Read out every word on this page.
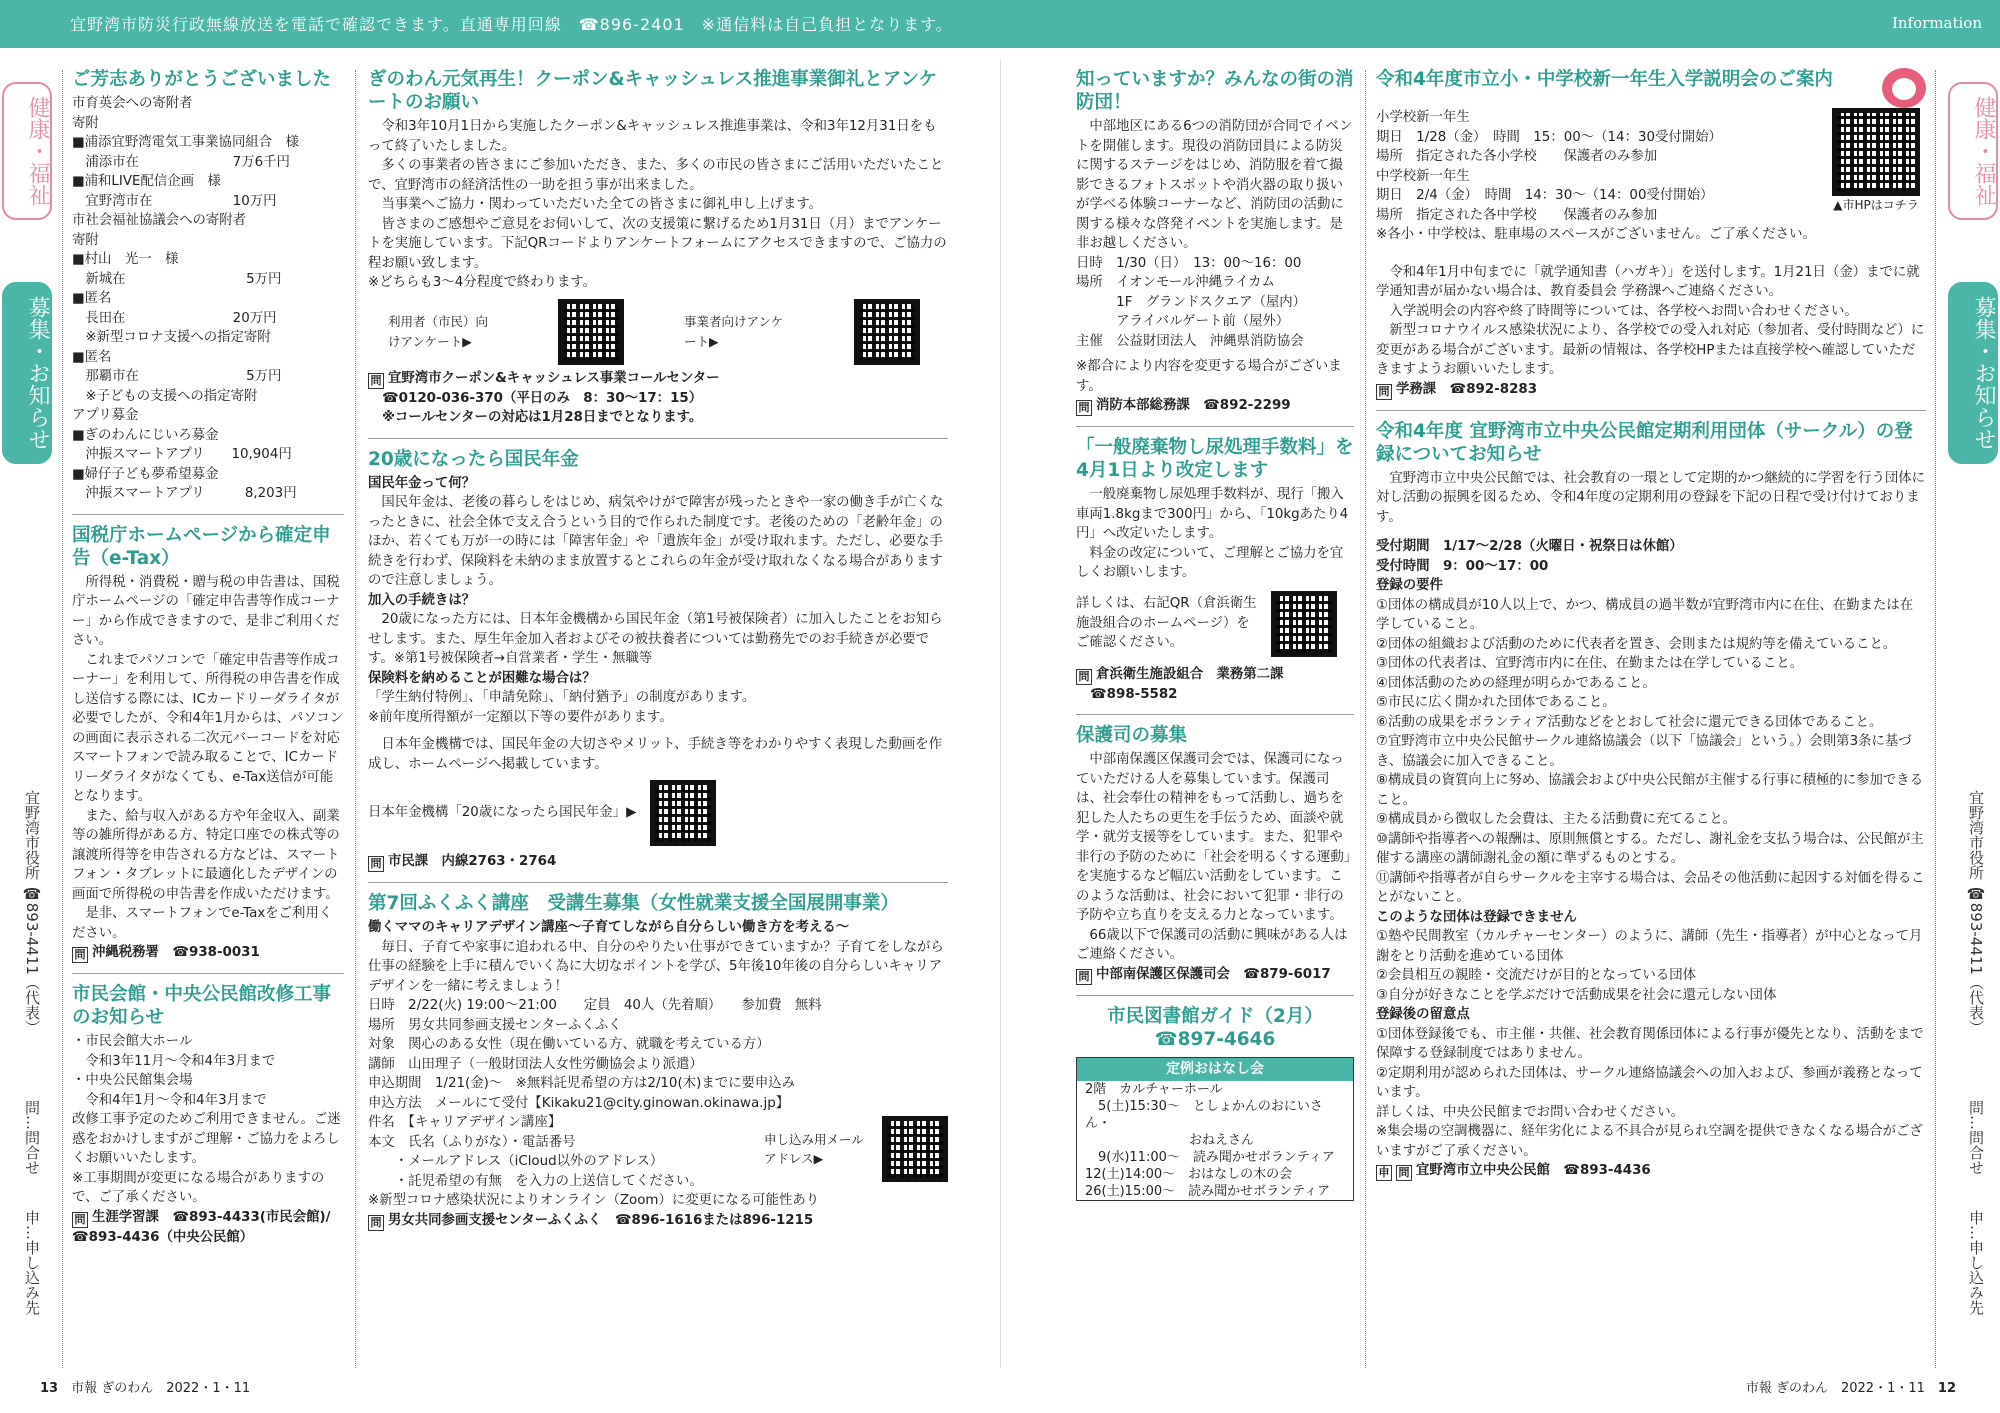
宜野湾市防災行政無線放送を電話で確認できます。直通専用回線　☎896-2401　※通信料は自己負担となります。	Information
健康・福祉
募集・お知らせ
宜野湾市役所 ☎893-4411（代表）
問…問合せ
申…申し込み先
健康・福祉
募集・お知らせ
宜野湾市役所 ☎893-4411（代表）
問…問合せ
申…申し込み先
ご芳志ありがとうございました

市育英会への寄附者

寄附

■浦添宜野湾電気工事業協同組合　様

　浦添市在　　　　　　　7万6千円

■浦和LIVE配信企画　様

　宜野湾市在　　　　　　10万円

市社会福祉協議会への寄附者

寄附

■村山　光一　様

　新城在　　　　　　　　　5万円

■匿名

　長田在　　　　　　　　20万円

　※新型コロナ支援への指定寄附

■匿名

　那覇市在　　　　　　　　5万円

　※子どもの支援への指定寄附

アプリ募金

■ぎのわんにじいろ募金

　沖振スマートアプリ　　10,904円

■婦仔子ども夢希望募金

　沖振スマートアプリ　　　8,203円

国税庁ホームページから確定申告（e-Tax）

所得税・消費税・贈与税の申告書は、国税庁ホームページの「確定申告書等作成コーナー」から作成できますので、是非ご利用ください。

これまでパソコンで「確定申告書等作成コーナー」を利用して、所得税の申告書を作成し送信する際には、ICカードリーダライタが必要でしたが、令和4年1月からは、パソコンの画面に表示される二次元バーコードを対応スマートフォンで読み取ることで、ICカードリーダライタがなくても、e-Tax送信が可能となります。

また、給与収入がある方や年金収入、副業等の雑所得がある方、特定口座での株式等の譲渡所得等を申告される方などは、スマートフォン・タブレットに最適化したデザインの画面で所得税の申告書を作成いただけます。

是非、スマートフォンでe-Taxをご利用ください。

問 沖縄税務署　☎938-0031

市民会館・中央公民館改修工事のお知らせ

・市民会館大ホール

　令和3年11月～令和4年3月まで

・中央公民館集会場

　令和4年1月～令和4年3月まで

改修工事予定のためご利用できません。ご迷惑をおかけしますがご理解・ご協力をよろしくお願いいたします。

※工事期間が変更になる場合がありますので、ご了承ください。

問 生涯学習課　☎893-4433(市民会館)/☎893-4436（中央公民館）

ぎのわん元気再生！クーポン&キャッシュレス推進事業御礼とアンケートのお願い

令和3年10月1日から実施したクーポン&キャッシュレス推進事業は、令和3年12月31日をもって終了いたしました。

多くの事業者の皆さまにご参加いただき、また、多くの市民の皆さまにご活用いただいたことで、宜野湾市の経済活性の一助を担う事が出来ました。

当事業へご協力・関わっていただいた全ての皆さまに御礼申し上げます。

皆さまのご感想やご意見をお伺いして、次の支援策に繋げるため1月31日（月）までアンケートを実施しています。下記QRコードよりアンケートフォームにアクセスできますので、ご協力の程お願い致します。

※どちらも3～4分程度で終わります。

利用者（市民）向けアンケート▶
事業者向けアンケート▶

問 宜野湾市クーポン&キャッシュレス事業コールセンター

☎0120-036-370（平日のみ　8：30～17：15）

※コールセンターの対応は1月28日までとなります。

20歳になったら国民年金

国民年金って何？

国民年金は、老後の暮らしをはじめ、病気やけがで障害が残ったときや一家の働き手が亡くなったときに、社会全体で支え合うという目的で作られた制度です。老後のための「老齢年金」のほか、若くても万が一の時には「障害年金」や「遺族年金」が受け取れます。ただし、必要な手続きを行わず、保険料を未納のまま放置するとこれらの年金が受け取れなくなる場合がありますので注意しましょう。

加入の手続きは？

20歳になった方には、日本年金機構から国民年金（第1号被保険者）に加入したことをお知らせします。また、厚生年金加入者およびその被扶養者については勤務先でのお手続きが必要です。※第1号被保険者→自営業者・学生・無職等

保険料を納めることが困難な場合は？

「学生納付特例」、「申請免除」、「納付猶予」の制度があります。

※前年度所得額が一定額以下等の要件があります。

日本年金機構では、国民年金の大切さやメリット、手続き等をわかりやすく表現した動画を作成し、ホームページへ掲載しています。

日本年金機構「20歳になったら国民年金」▶

問 市民課　内線2763・2764

第7回ふくふく講座　受講生募集（女性就業支援全国展開事業）

働くママのキャリアデザイン講座～子育てしながら自分らしい働き方を考える～

毎日、子育てや家事に追われる中、自分のやりたい仕事ができていますか？子育てをしながら仕事の経験を上手に積んでいく為に大切なポイントを学び、5年後10年後の自分らしいキャリアデザインを一緒に考えましょう！

日時　2/22(火) 19:00～21:00　　定員　40人（先着順）　　参加費　無料

場所　男女共同参画支援センターふくふく

対象　関心のある女性（現在働いている方、就職を考えている方）

講師　山田理子（一般財団法人女性労働協会より派遣）

申込期間　1/21(金)～　※無料託児希望の方は2/10(木)までに要申込み

申込方法　メールにて受付【Kikaku21@city.ginowan.okinawa.jp】

件名　【キャリアデザイン講座】

本文　氏名（ふりがな）・電話番号

　　・メールアドレス（iCloud以外のアドレス）

　　・託児希望の有無　を入力の上送信してください。

※新型コロナ感染状況によりオンライン（Zoom）に変更になる可能性あり

申し込み用メールアドレス▶

問 男女共同参画支援センターふくふく　☎896-1616または896-1215

知っていますか？みんなの街の消防団！

中部地区にある6つの消防団が合同でイベントを開催します。現役の消防団員による防災に関するステージをはじめ、消防服を着て撮影できるフォトスポットや消火器の取り扱いが学べる体験コーナーなど、消防団の活動に関する様々な啓発イベントを実施します。是非お越しください。

日時　1/30（日）　13：00～16：00

場所　イオンモール沖縄ライカム

　　　1F　グランドスクエア（屋内）

　　　アライバルゲート前（屋外）

主催　公益財団法人　沖縄県消防協会

※都合により内容を変更する場合がございます。

問 消防本部総務課　☎892-2299

「一般廃棄物し尿処理手数料」を4月1日より改定します

一般廃棄物し尿処理手数料が、現行「搬入車両1.8kgまで300円」から、「10kgあたり4円」へ改定いたします。

料金の改定について、ご理解とご協力を宜しくお願いします。

詳しくは、右記QR（倉浜衛生施設組合のホームページ）をご確認ください。

問 倉浜衛生施設組合　業務第二課

☎898-5582

保護司の募集

中部南保護区保護司会では、保護司になっていただける人を募集しています。保護司は、社会奉仕の精神をもって活動し、過ちを犯した人たちの更生を手伝うため、面談や就学・就労支援等をしています。また、犯罪や非行の予防のために「社会を明るくする運動」を実施するなど幅広い活動をしています。このような活動は、社会において犯罪・非行の予防や立ち直りを支える力となっています。

66歳以下で保護司の活動に興味がある人はご連絡ください。

問 中部南保護区保護司会　☎879-6017

市民図書館ガイド（2月）
☎897-4646
定例おはなし会

2階　カルチャーホール

　5(土)15:30～　としょかんのおにいさん・

　　　　　　　　おねえさん

　9(水)11:00～　読み聞かせボランティア

12(土)14:00～　おはなしの木の会

26(土)15:00～　読み聞かせボランティア

令和4年度市立小・中学校新一年生入学説明会のご案内

小学校新一年生

期日　1/28（金）　時間　15：00～（14：30受付開始）

場所　指定された各小学校　　保護者のみ参加

中学校新一年生

期日　2/4（金）　時間　14：30～（14：00受付開始）

場所　指定された各中学校　　保護者のみ参加

※各小・中学校は、駐車場のスペースがございません。ご了承ください。

▲市HPはコチラ

令和4年1月中旬までに「就学通知書（ハガキ）」を送付します。1月21日（金）までに就学通知書が届かない場合は、教育委員会 学務課へご連絡ください。

入学説明会の内容や終了時間等については、各学校へお問い合わせください。

新型コロナウイルス感染状況により、各学校での受入れ対応（参加者、受付時間など）に変更がある場合がございます。最新の情報は、各学校HPまたは直接学校へ確認していただきますようお願いいたします。

問 学務課　☎892-8283

令和4年度 宜野湾市立中央公民館定期利用団体（サークル）の登録についてお知らせ

宜野湾市立中央公民館では、社会教育の一環として定期的かつ継続的に学習を行う団体に対し活動の振興を図るため、令和4年度の定期利用の登録を下記の日程で受け付けております。

受付期間　1/17～2/28（火曜日・祝祭日は休館）

受付時間　9：00～17：00

登録の要件

①団体の構成員が10人以上で、かつ、構成員の過半数が宜野湾市内に在住、在勤または在学していること。

②団体の組織および活動のために代表者を置き、会則または規約等を備えていること。

③団体の代表者は、宜野湾市内に在住、在勤または在学していること。

④団体活動のための経理が明らかであること。

⑤市民に広く開かれた団体であること。

⑥活動の成果をボランティア活動などをとおして社会に還元できる団体であること。

⑦宜野湾市立中央公民館サークル連絡協議会（以下「協議会」という。）会則第3条に基づき、協議会に加入できること。

⑧構成員の資質向上に努め、協議会および中央公民館が主催する行事に積極的に参加できること。

⑨構成員から徴収した会費は、主たる活動費に充てること。

⑩講師や指導者への報酬は、原則無償とする。ただし、謝礼金を支払う場合は、公民館が主催する講座の講師謝礼金の額に準ずるものとする。

⑪講師や指導者が自らサークルを主宰する場合は、会品その他活動に起因する対価を得ることがないこと。

このような団体は登録できません

①塾や民間教室（カルチャーセンター）のように、講師（先生・指導者）が中心となって月謝をとり活動を進めている団体

②会員相互の親睦・交流だけが目的となっている団体

③自分が好きなことを学ぶだけで活動成果を社会に還元しない団体

登録後の留意点

①団体登録後でも、市主催・共催、社会教育関係団体による行事が優先となり、活動をまで保障する登録制度ではありません。

②定期利用が認められた団体は、サークル連絡協議会への加入および、参画が義務となっています。

詳しくは、中央公民館までお問い合わせください。

※集会場の空調機器に、経年劣化による不具合が見られ空調を提供できなくなる場合がございますがご了承ください。

申 問 宜野湾市立中央公民館　☎893-4436

13　 市報 ぎのわん　2022・1・11	市報 ぎのわん　2022・1・11　 12
